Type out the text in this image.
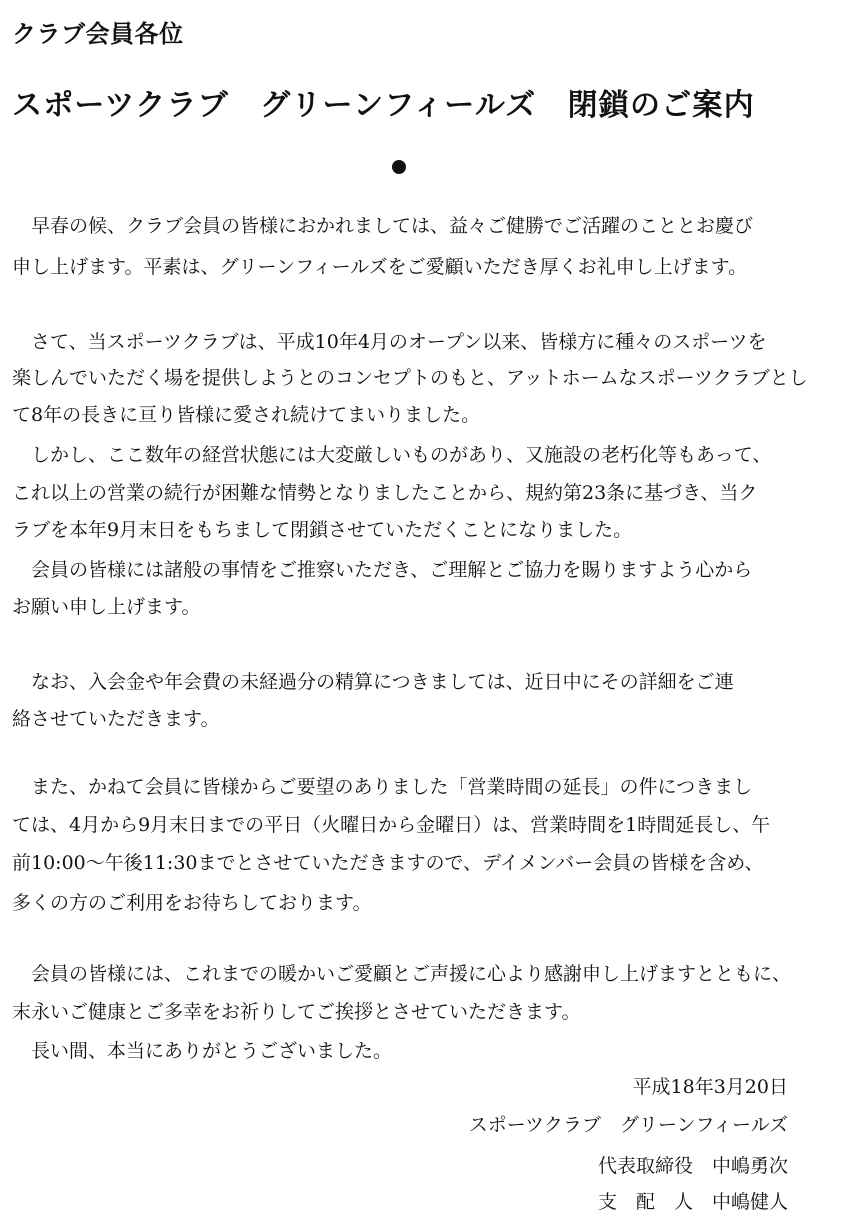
クラブ会員各位
スポーツクラブ　グリーンフィールズ　閉鎖のご案内
　早春の候、クラブ会員の皆様におかれましては、益々ご健勝でご活躍のこととお慶び
申し上げます。平素は、グリーンフィールズをご愛顧いただき厚くお礼申し上げます。
　さて、当スポーツクラブは、平成10年4月のオープン以来、皆様方に種々のスポーツを
楽しんでいただく場を提供しようとのコンセプトのもと、アットホームなスポーツクラブとし
て8年の長きに亘り皆様に愛され続けてまいりました。
　しかし、ここ数年の経営状態には大変厳しいものがあり、又施設の老朽化等もあって、
これ以上の営業の続行が困難な情勢となりましたことから、規約第23条に基づき、当ク
ラブを本年9月末日をもちまして閉鎖させていただくことになりました。
　会員の皆様には諸般の事情をご推察いただき、ご理解とご協力を賜りますよう心から
お願い申し上げます。
　なお、入会金や年会費の未経過分の精算につきましては、近日中にその詳細をご連
絡させていただきます。
　また、かねて会員に皆様からご要望のありました「営業時間の延長」の件につきまし
ては、4月から9月末日までの平日（火曜日から金曜日）は、営業時間を1時間延長し、午
前10:00～午後11:30までとさせていただきますので、デイメンバー会員の皆様を含め、
多くの方のご利用をお待ちしております。
　会員の皆様には、これまでの暖かいご愛顧とご声援に心より感謝申し上げますとともに、
末永いご健康とご多幸をお祈りしてご挨拶とさせていただきます。
　長い間、本当にありがとうございました。
平成18年3月20日
スポーツクラブ　グリーンフィールズ
代表取締役　 中嶋勇次
支　配　人　 中嶋健人
